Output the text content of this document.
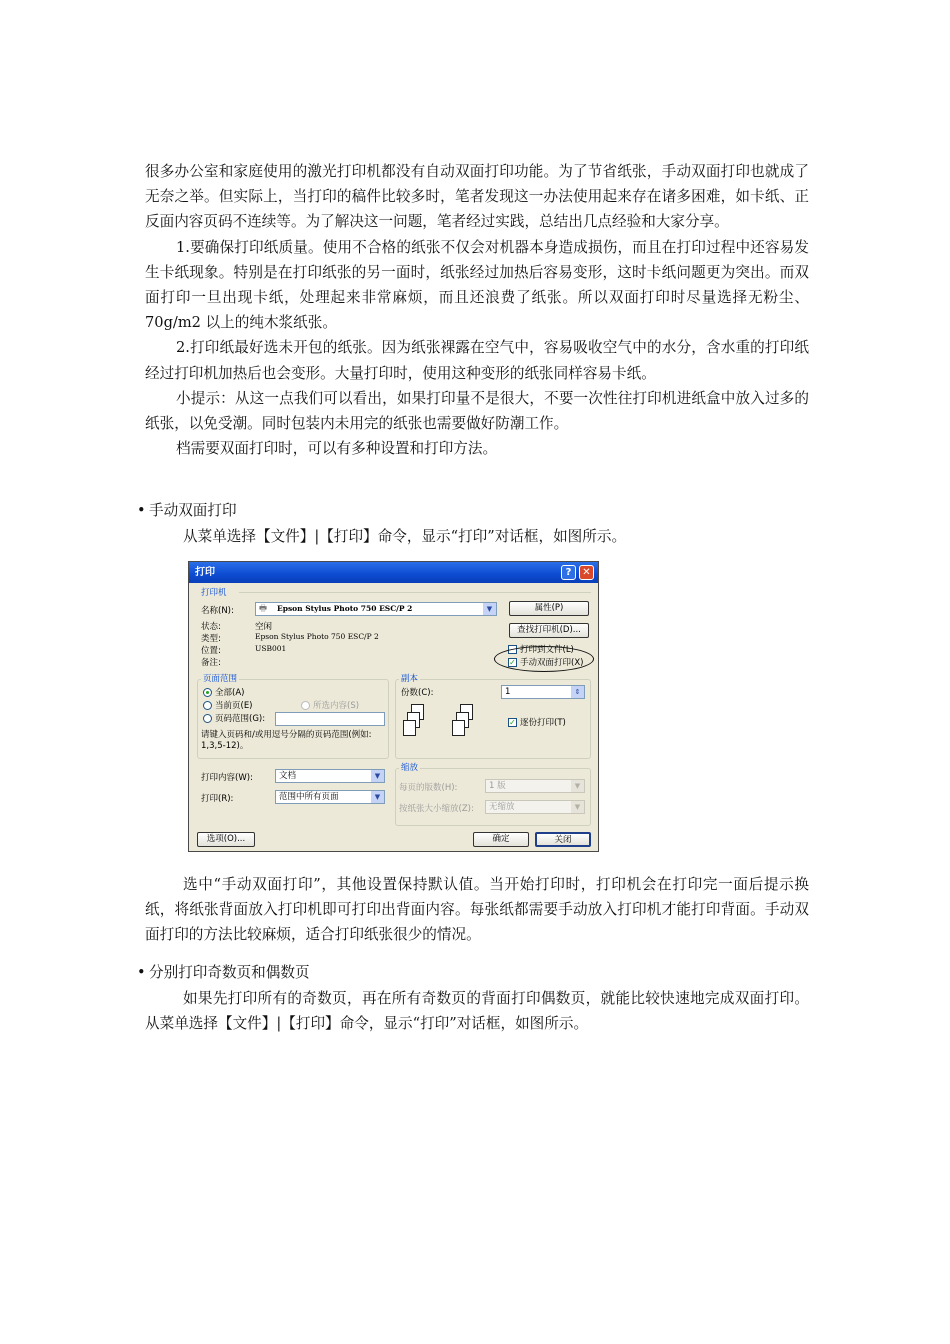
很多办公室和家庭使用的激光打印机都没有自动双面打印功能。为了节省纸张，手动双面打印也就成了无奈之举。但实际上，当打印的稿件比较多时，笔者发现这一办法使用起来存在诸多困难，如卡纸、正反面内容页码不连续等。为了解决这一问题，笔者经过实践，总结出几点经验和大家分享。

1.要确保打印纸质量。使用不合格的纸张不仅会对机器本身造成损伤，而且在打印过程中还容易发生卡纸现象。特别是在打印纸张的另一面时，纸张经过加热后容易变形，这时卡纸问题更为突出。而双面打印一旦出现卡纸，处理起来非常麻烦，而且还浪费了纸张。所以双面打印时尽量选择无粉尘、70g/m2 以上的纯木浆纸张。

2.打印纸最好选未开包的纸张。因为纸张裸露在空气中，容易吸收空气中的水分，含水重的打印纸经过打印机加热后也会变形。大量打印时，使用这种变形的纸张同样容易卡纸。

小提示：从这一点我们可以看出，如果打印量不是很大，不要一次性往打印机进纸盒中放入过多的纸张，以免受潮。同时包装内未用完的纸张也需要做好防潮工作。

档需要双面打印时，可以有多种设置和打印方法。

• 手动双面打印

从菜单选择【文件】|【打印】命令，显示“打印”对话框，如图所示。

打印	?	✕
打印机
名称(N):	🖶 Epson Stylus Photo 750 ESC/P 2	▼	属性(P)
查找打印机(D)...
状态:	空闲
类型:	Epson Stylus Photo 750 ESC/P 2
位置:	USB001
备注:
打印到文件(L)
✓ 手动双面打印(X)
页面范围
全部(A)
当前页(E)	所选内容(S)
页码范围(G):
请键入页码和/或用逗号分隔的页码范围(例如: 1,3,5-12)。
副本
份数(C):	1	⇕
✓ 逐份打印(T)
打印内容(W):	文档	▼
打印(R):	范围中所有页面	▼
缩放
每页的版数(H):	1 版	▼
按纸张大小缩放(Z):	无缩放	▼
选项(O)...	确定	关闭

选中“手动双面打印”，其他设置保持默认值。当开始打印时，打印机会在打印完一面后提示换纸，将纸张背面放入打印机即可打印出背面内容。每张纸都需要手动放入打印机才能打印背面。手动双面打印的方法比较麻烦，适合打印纸张很少的情况。

• 分别打印奇数页和偶数页

如果先打印所有的奇数页，再在所有奇数页的背面打印偶数页，就能比较快速地完成双面打印。 从菜单选择【文件】|【打印】命令，显示“打印”对话框，如图所示。
